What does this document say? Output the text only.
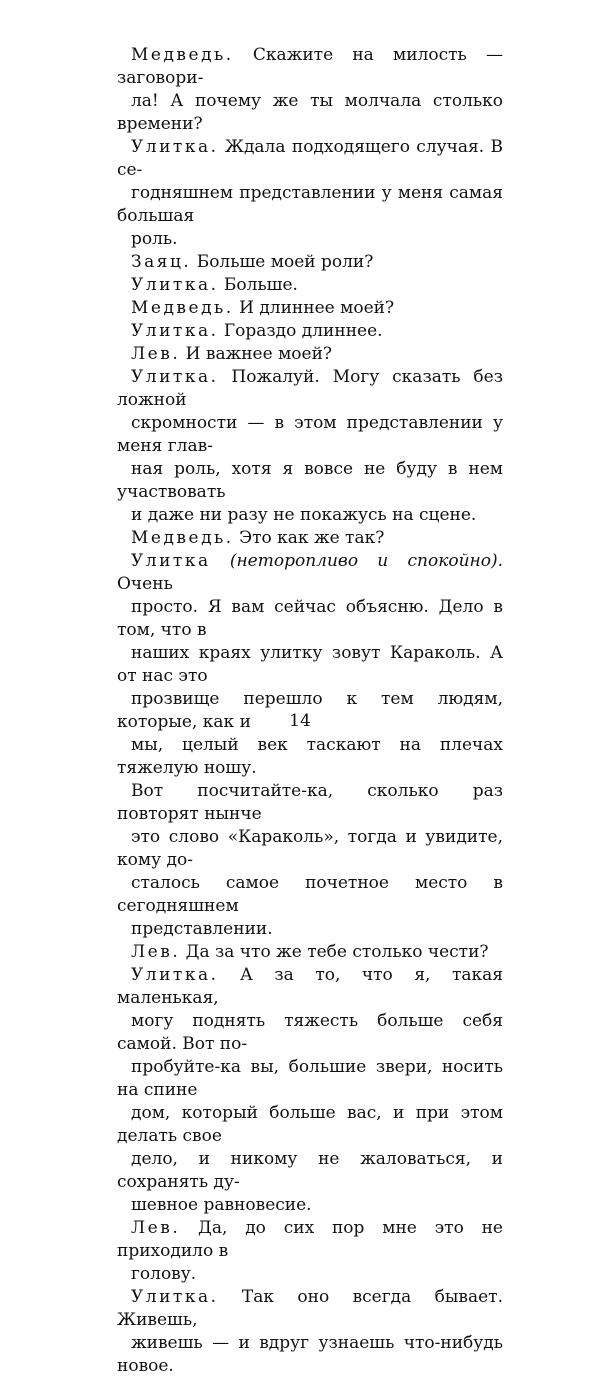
Медведь. Скажите на милость — заговори-
ла! А почему же ты молчала столько времени?

Улитка. Ждала подходящего случая. В се-
годняшнем представлении у меня самая большая
роль.

Заяц. Больше моей роли?

Улитка. Больше.

Медведь. И длиннее моей?

Улитка. Гораздо длиннее.

Лев. И важнее моей?

Улитка. Пожалуй. Могу сказать без ложной
скромности — в этом представлении у меня глав-
ная роль, хотя я вовсе не буду в нем участвовать
и даже ни разу не покажусь на сцене.

Медведь. Это как же так?

Улитка (неторопливо и спокойно). Очень
просто. Я вам сейчас объясню. Дело в том, что в
наших краях улитку зовут Караколь. А от нас это
прозвище перешло к тем людям, которые, как и
мы, целый век таскают на плечах тяжелую ношу.
Вот посчитайте-ка, сколько раз повторят нынче
это слово «Караколь», тогда и увидите, кому до-
сталось самое почетное место в сегодняшнем
представлении.

Лев. Да за что же тебе столько чести?

Улитка. А за то, что я, такая маленькая,
могу поднять тяжесть больше себя самой. Вот по-
пробуйте-ка вы, большие звери, носить на спине
дом, который больше вас, и при этом делать свое
дело, и никому не жаловаться, и сохранять ду-
шевное равновесие.

Лев. Да, до сих пор мне это не приходило в
голову.

Улитка. Так оно всегда бывает. Живешь,
живешь — и вдруг узнаешь что-нибудь новое.

14
